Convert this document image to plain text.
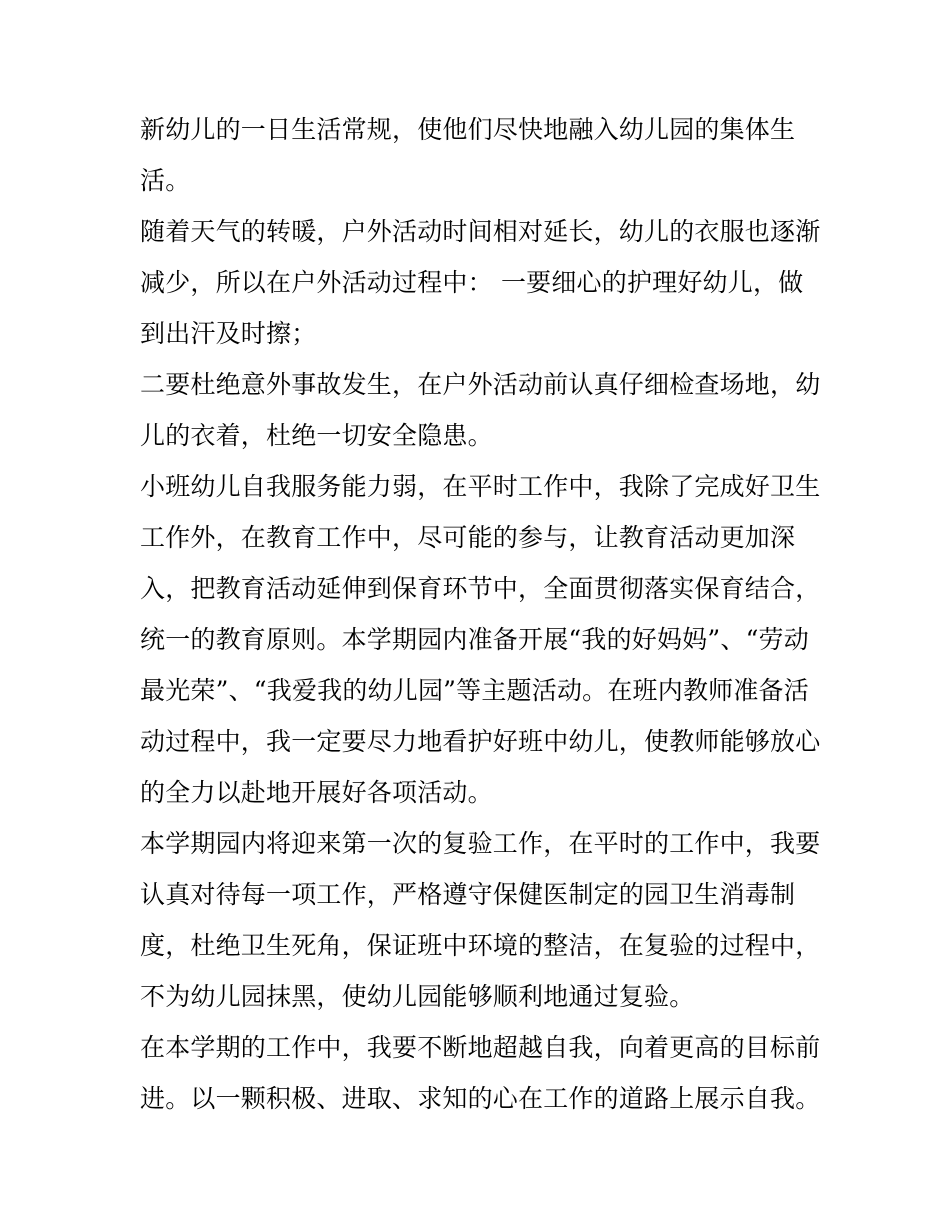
新幼儿的一日生活常规，使他们尽快地融入幼儿园的集体生
活。
随着天气的转暖，户外活动时间相对延长，幼儿的衣服也逐渐
减少，所以在户外活动过程中： 一要细心的护理好幼儿，做
到出汗及时擦；
二要杜绝意外事故发生，在户外活动前认真仔细检查场地，幼
儿的衣着，杜绝一切安全隐患。
小班幼儿自我服务能力弱，在平时工作中，我除了完成好卫生
工作外，在教育工作中，尽可能的参与，让教育活动更加深
入，把教育活动延伸到保育环节中，全面贯彻落实保育结合，
统一的教育原则。本学期园内准备开展“我的好妈妈”、“劳动
最光荣”、“我爱我的幼儿园”等主题活动。在班内教师准备活
动过程中，我一定要尽力地看护好班中幼儿，使教师能够放心
的全力以赴地开展好各项活动。
本学期园内将迎来第一次的复验工作，在平时的工作中，我要
认真对待每一项工作，严格遵守保健医制定的园卫生消毒制
度，杜绝卫生死角，保证班中环境的整洁，在复验的过程中，
不为幼儿园抹黑，使幼儿园能够顺利地通过复验。
在本学期的工作中，我要不断地超越自我，向着更高的目标前
进。以一颗积极、进取、求知的心在工作的道路上展示自我。
